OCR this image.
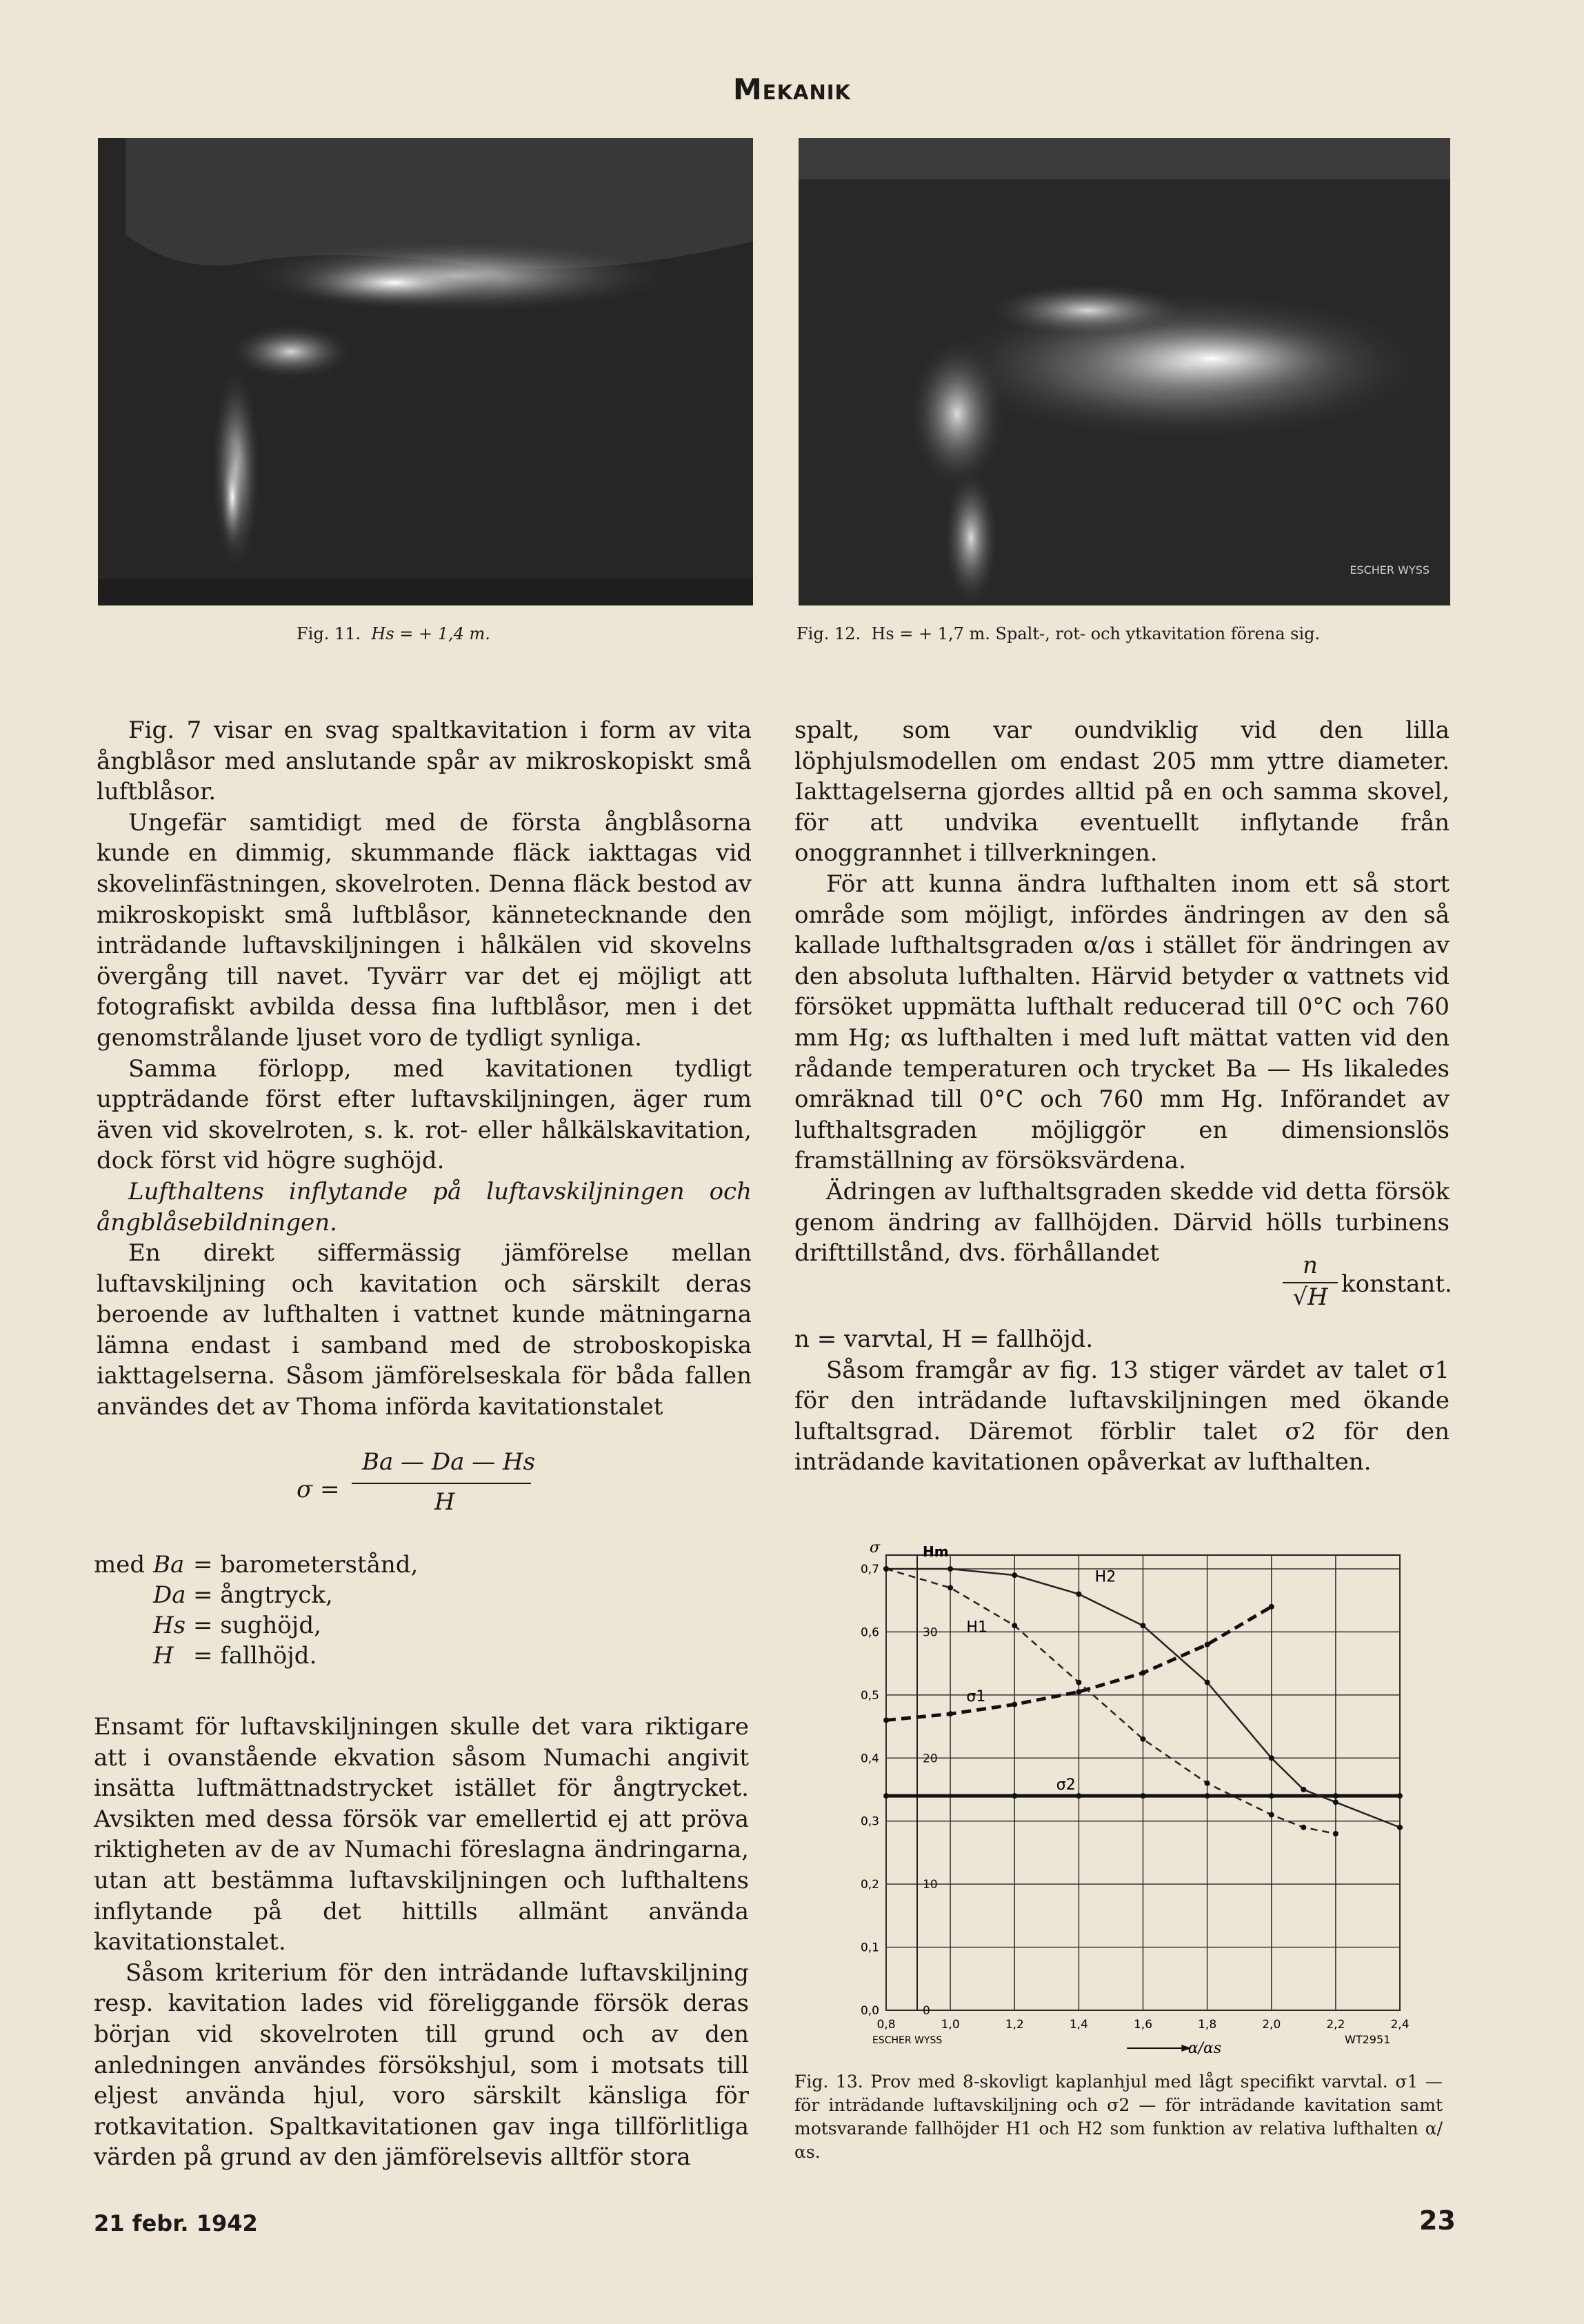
Mekanik
Fig. 11. Hs = + 1,4 m.
ESCHER WYSS
Fig. 12. Hs = + 1,7 m. Spalt-, rot- och ytkavitation förena sig.

Fig. 7 visar en svag spaltkavitation i form av vita ångblåsor med anslutande spår av mikroskopiskt små luftblåsor.

Ungefär samtidigt med de första ångblåsorna kunde en dimmig, skummande fläck iakttagas vid skovelinfästningen, skovelroten. Denna fläck bestod av mikroskopiskt små luftblåsor, kännetecknande den inträdande luftavskiljningen i hålkälen vid skovelns övergång till navet. Tyvärr var det ej möjligt att fotografiskt avbilda dessa fina luftblåsor, men i det genomstrålande ljuset voro de tydligt synliga.

Samma förlopp, med kavitationen tydligt uppträdande först efter luftavskiljningen, äger rum även vid skovelroten, s. k. rot- eller hålkälskavitation, dock först vid högre sughöjd.

Lufthaltens inflytande på luftavskiljningen och ångblåsebildningen.

En direkt siffermässig jämförelse mellan luftavskiljning och kavitation och särskilt deras beroende av lufthalten i vattnet kunde mätningarna lämna endast i samband med de stroboskopiska iakttagelserna. Såsom jämförelseskala för båda fallen användes det av Thoma införda kavitationstalet

σ =
Ba — Da — Hs
H
med Ba = barometerstånd,
Da = ångtryck,
Hs = sughöjd,
H = fallhöjd.

Ensamt för luftavskiljningen skulle det vara riktigare att i ovanstående ekvation såsom Numachi angivit insätta luftmättnadstrycket istället för ångtrycket. Avsikten med dessa försök var emellertid ej att pröva riktigheten av de av Numachi föreslagna ändringarna, utan att bestämma luftavskiljningen och lufthaltens inflytande på det hittills allmänt använda kavitationstalet.

Såsom kriterium för den inträdande luftavskiljning resp. kavitation lades vid föreliggande försök deras början vid skovelroten till grund och av den anledningen användes försökshjul, som i motsats till eljest använda hjul, voro särskilt känsliga för rotkavitation. Spaltkavitationen gav inga tillförlitliga värden på grund av den jämförelsevis alltför stora

spalt, som var oundviklig vid den lilla löphjulsmodellen om endast 205 mm yttre diameter. Iakttagelserna gjordes alltid på en och samma skovel, för att undvika eventuellt inflytande från onoggrannhet i tillverkningen.

För att kunna ändra lufthalten inom ett så stort område som möjligt, infördes ändringen av den så kallade lufthaltsgraden α/αs i stället för ändringen av den absoluta lufthalten. Härvid betyder α vattnets vid försöket uppmätta lufthalt reducerad till 0°C och 760 mm Hg; αs lufthalten i med luft mättat vatten vid den rådande temperaturen och trycket Ba — Hs likaledes omräknad till 0°C och 760 mm Hg. Införandet av lufthaltsgraden möjliggör en dimensionslös framställning av försöksvärdena.

Ädringen av lufthaltsgraden skedde vid detta försök genom ändring av fallhöjden. Därvid hölls turbinens drifttillstånd, dvs. förhållandet	n
√H konstant.

n = varvtal, H = fallhöjd.

Såsom framgår av fig. 13 stiger värdet av talet σ1 för den inträdande luftavskiljningen med ökande luftaltsgrad. Däremot förblir talet σ2 för den inträdande kavitationen opåverkat av lufthalten.

0,8	1,0	1,2	1,4	1,6	1,8	2,0	2,2	2,4
0,0
0,1
0,2
0,3
0,4
0,5
0,6
0,7
0
10
20
30
Hm
σ
σ1
σ2
H2
H1
α/αs
ESCHER WYSS	WT2951
Fig. 13. Prov med 8-skovligt kaplanhjul med lågt specifikt varvtal. σ1 — för inträdande luftavskiljning och σ2 — för inträdande kavitation samt motsvarande fallhöjder H1 och H2 som funktion av relativa lufthalten α/αs.
21 febr. 1942	23
